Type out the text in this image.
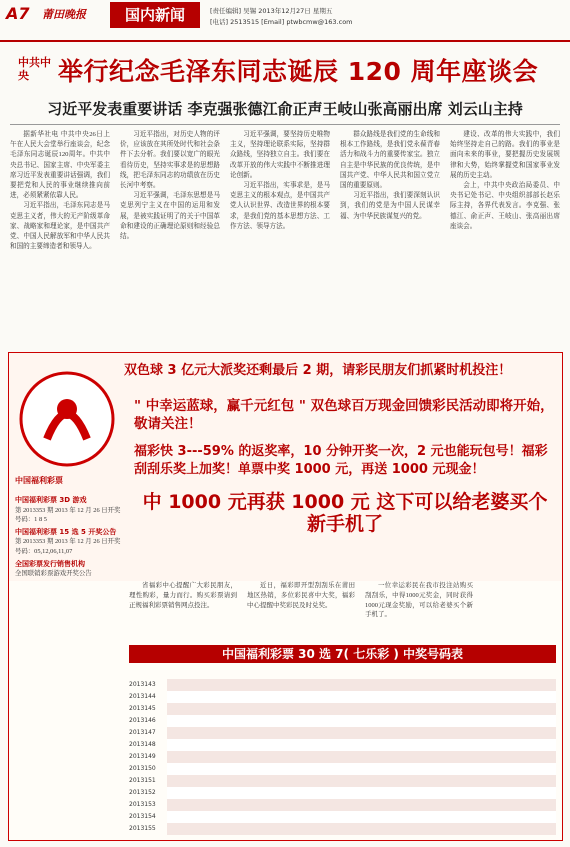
A7 莆田晚报	国内新闻	[责任编辑] 吴锡 2013年12月27日 星期五
[电话] 2513515 [Email] ptwbcmw@163.com
中共中央	举行纪念毛泽东同志诞辰 120 周年座谈会
习近平发表重要讲话 李克强张德江俞正声王岐山张高丽出席 刘云山主持

据新华社电 中共中央26日上午在人民大会堂举行座谈会，纪念毛泽东同志诞辰120周年。中共中央总书记、国家主席、中央军委主席习近平发表重要讲话强调，我们要把党和人民的事业继续推向前进，必须紧紧依靠人民。

习近平指出，毛泽东同志是马克思主义者，伟大的无产阶级革命家、战略家和理论家，是中国共产党、中国人民解放军和中华人民共和国的主要缔造者和领导人。

习近平指出，对历史人物的评价，应该放在其所处时代和社会条件下去分析。我们要以宽广的眼光看待历史，坚持实事求是的思想路线，把毛泽东同志的功绩放在历史长河中考察。

习近平强调，毛泽东思想是马克思列宁主义在中国的运用和发展，是被实践证明了的关于中国革命和建设的正确理论原则和经验总结。

习近平强调，要坚持历史唯物主义，坚持理论联系实际，坚持群众路线，坚持独立自主。我们要在改革开放的伟大实践中不断推进理论创新。

习近平指出，实事求是，是马克思主义的根本观点，是中国共产党人认识世界、改造世界的根本要求，是我们党的基本思想方法、工作方法、领导方法。

群众路线是我们党的生命线和根本工作路线，是我们党永葆青春活力和战斗力的重要传家宝。独立自主是中华民族的优良传统，是中国共产党、中华人民共和国立党立国的重要原则。

习近平指出，我们要深刻认识到，我们的党是为中国人民谋幸福、为中华民族谋复兴的党。

建设、改革的伟大实践中，我们始终坚持走自己的路。我们的事业是面向未来的事业，要把握历史发展规律和大势，始终掌握党和国家事业发展的历史主动。

会上，中共中央政治局委员、中央书记处书记、中央组织部部长赵乐际主持，各界代表发言。李克强、张德江、俞正声、王岐山、张高丽出席座谈会。

中国福利彩票
双色球 3 亿元大派奖还剩最后 2 期，请彩民朋友们抓紧时机投注！
" 中幸运蓝球，赢千元红包 " 双色球百万现金回馈彩民活动即将开始，敬请关注！
福彩快 3---59% 的返奖率，10 分钟开奖一次，2 元也能玩包号！福彩刮刮乐奖上加奖！单票中奖 1000 元，再送 1000 元现金！
中 1000 元再获 1000 元 这下可以给老婆买个新手机了
中国福利彩票 3D 游戏
第 2013353 期 2013 年 12 月 26 日开奖号码：1 8 5
中国福利彩票 15 选 5 开奖公告
第 2013353 期 2013 年 12 月 26 日开奖号码：05,12,06,11,07
全国彩票发行销售机构
全国联销彩票游戏开奖公告

省福彩中心提醒广大彩民朋友，理性购彩，量力而行。购买彩票请到正规福利彩票销售网点投注。

近日，福彩即开型刮刮乐在莆田地区热销，多位彩民喜中大奖，福彩中心提醒中奖彩民及时兑奖。

一位幸运彩民在我市投注站购买刮刮乐，中得1000元奖金，同时获得1000元现金奖励，可以给老婆买个新手机了。

中国福利彩票 30 选 7( 七乐彩 ) 中奖号码表
2013143
2013144
2013145
2013146
2013147
2013148
2013149
2013150
2013151
2013152
2013153
2013154
2013155
